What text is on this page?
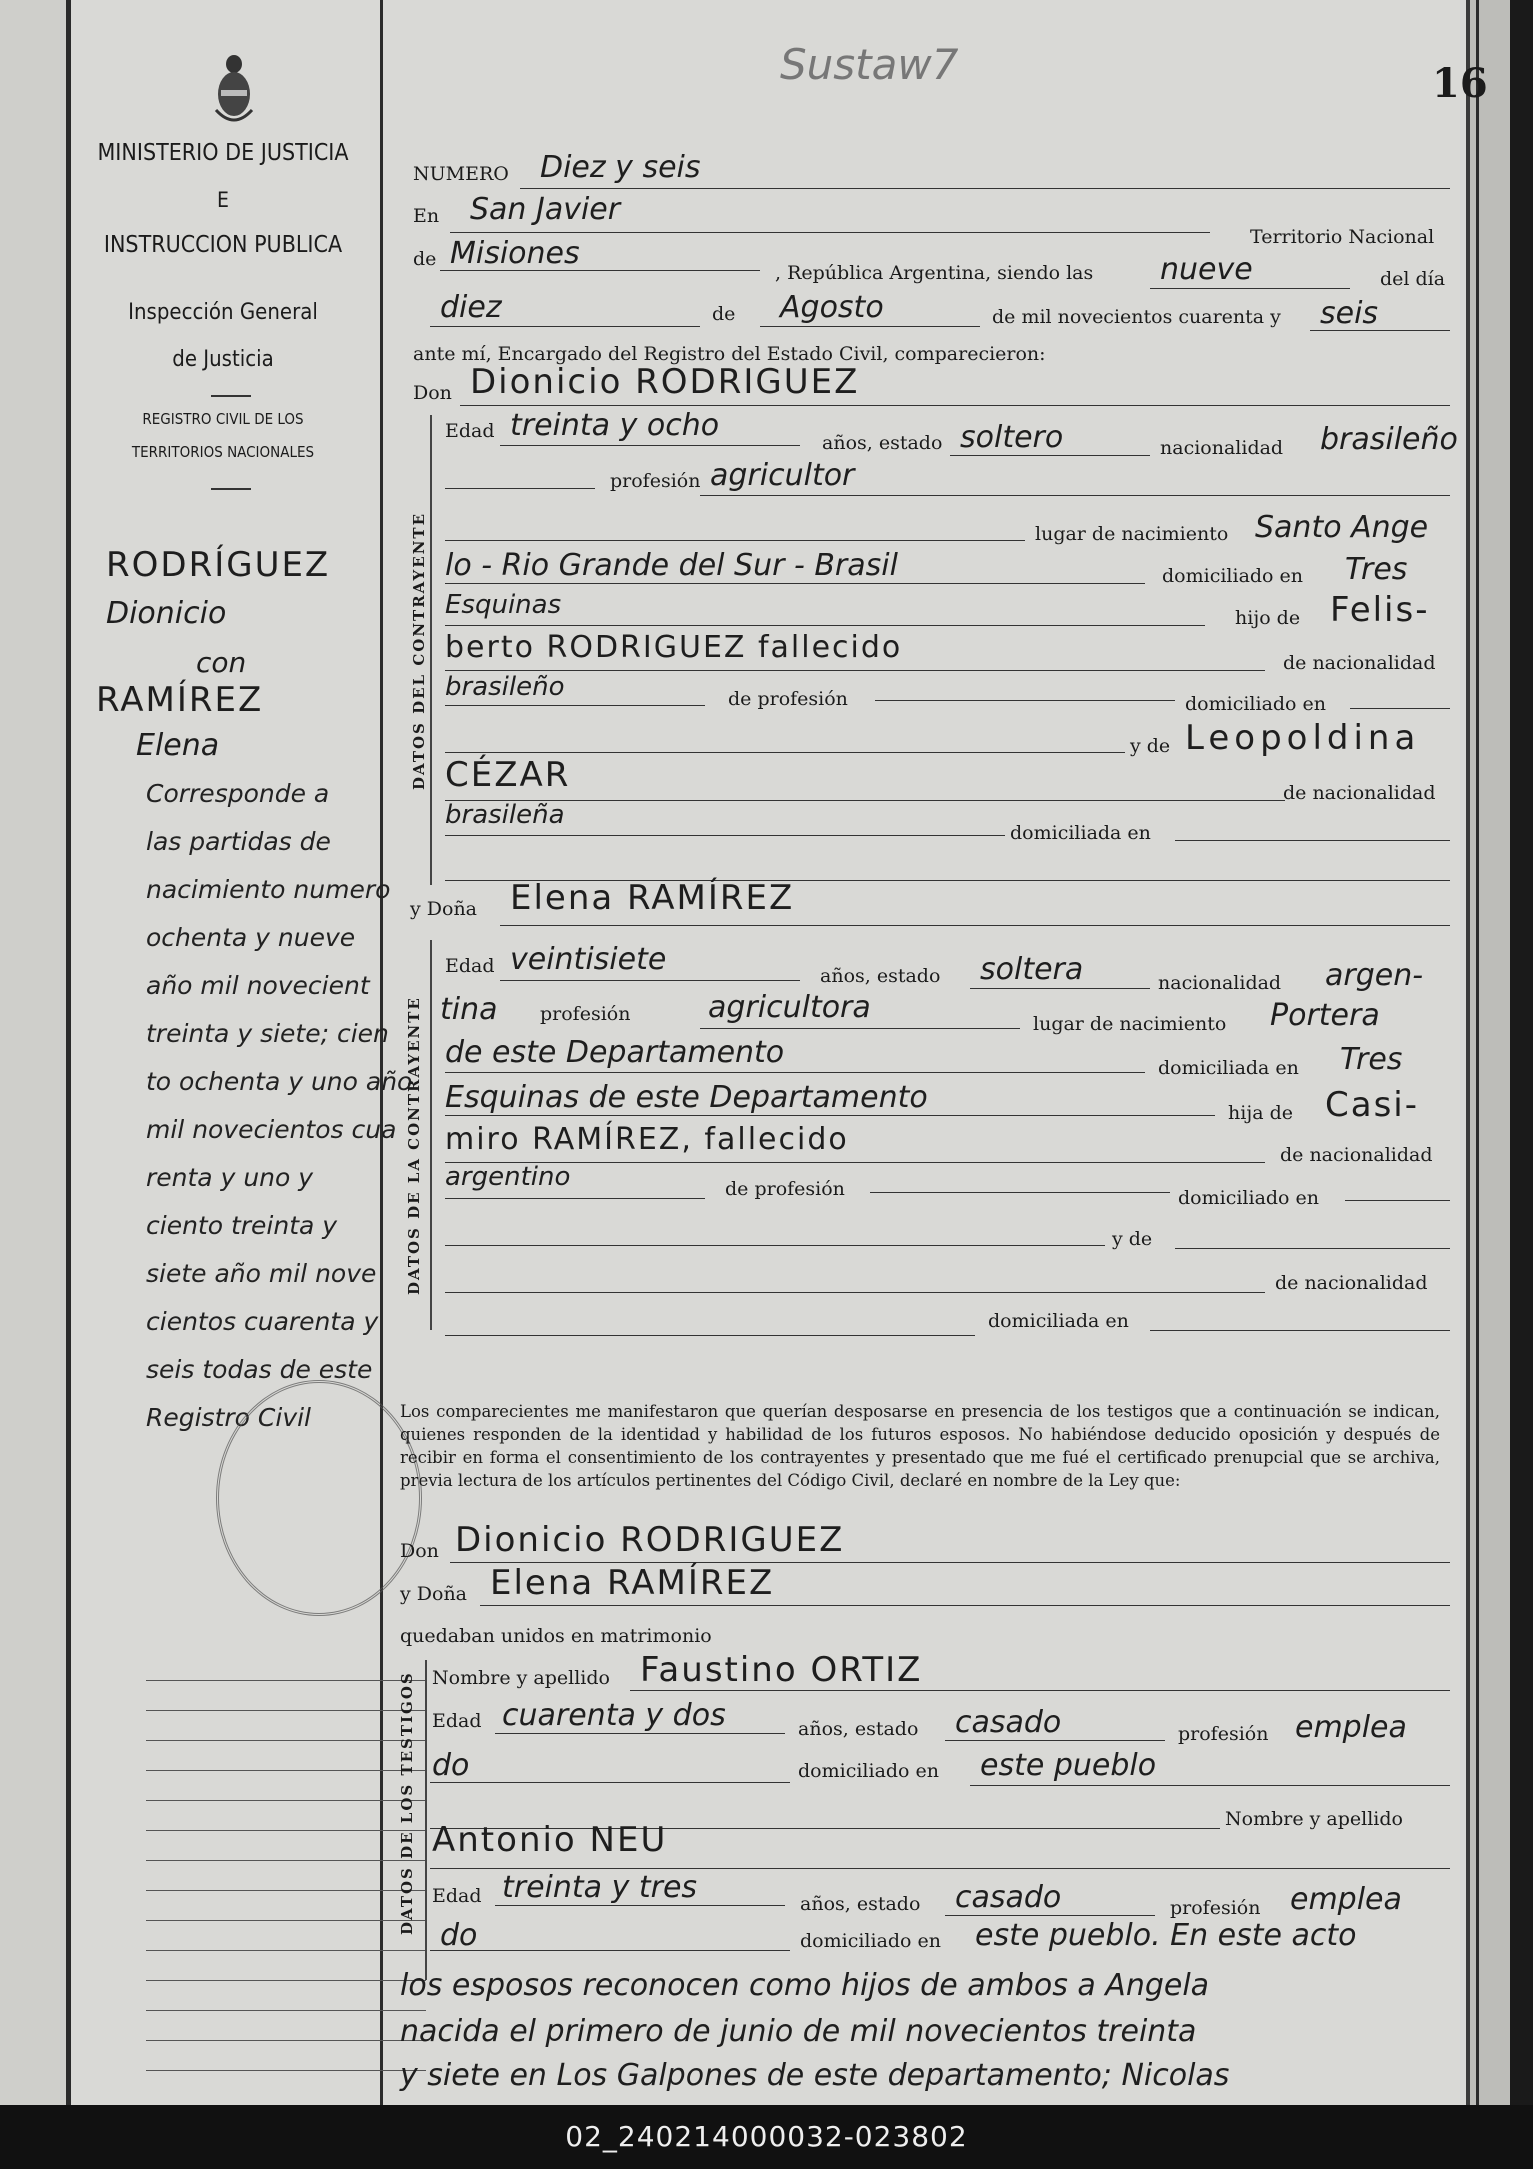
MINISTERIO DE JUSTICIA
E
INSTRUCCION PUBLICA
Inspección General
de Justicia
REGISTRO CIVIL DE LOS
TERRITORIOS NACIONALES
RODRÍGUEZ
Dionicio
con
RAMÍREZ
Elena
Corresponde a
las partidas de
nacimiento numero
ochenta y nueve
año mil novecient
treinta y siete; cien
to ochenta y uno año
mil novecientos cua
renta y uno y
ciento treinta y
siete año mil nove
cientos cuarenta y
seis todas de este
Registro Civil
Sustaw7	16
NUMERO Diez y seis
En San Javier
Territorio Nacional
de Misiones
, República Argentina, siendo las nueve	del día
diez	de Agosto	de mil novecientos cuarenta y seis
ante mí, Encargado del Registro del Estado Civil, comparecieron:
Don Dionicio RODRIGUEZ
DATOS DEL CONTRAYENTE
Edad treinta y ocho	años, estado soltero	nacionalidad brasileño
profesión agricultor
lugar de nacimiento Santo Ange
lo - Rio Grande del Sur - Brasil	domiciliado en Tres
Esquinas	hijo de Felis-
berto RODRIGUEZ fallecido	de nacionalidad
brasileño	de profesión	domiciliado en
y de Leopoldina
CÉZAR	de nacionalidad
brasileña
domiciliada en
y Doña Elena RAMÍREZ
DATOS DE LA CONTRAYENTE
Edad veintisiete	años, estado soltera	nacionalidad argen-
tina profesión	agricultora	lugar de nacimiento Portera
de este Departamento	domiciliada en Tres
Esquinas de este Departamento	hija de Casi-
miro RAMÍREZ, fallecido	de nacionalidad
argentino	de profesión	domiciliado en
y de
de nacionalidad
domiciliada en
Los comparecientes me manifestaron que querían desposarse en presencia de los testigos que a continuación se indican, quienes responden de la identidad y habilidad de los futuros esposos. No habiéndose deducido oposición y después de recibir en forma el consentimiento de los contrayentes y presentado que me fué el certificado prenupcial que se archiva, previa lectura de los artículos pertinentes del Código Civil, declaré en nombre de la Ley que:
Don Dionicio RODRIGUEZ
y Doña Elena RAMÍREZ
quedaban unidos en matrimonio
DATOS DE LOS TESTIGOS Nombre y apellido Faustino ORTIZ
Edad cuarenta y dos	años, estado casado	profesión emplea
do	domiciliado en este pueblo
Nombre y apellido
Antonio NEU
Edad treinta y tres	años, estado casado	profesión emplea
do	domiciliado en este pueblo. En este acto
los esposos reconocen como hijos de ambos a Angela
nacida el primero de junio de mil novecientos treinta
y siete en Los Galpones de este departamento; Nicolas
02_240214000032-023802
